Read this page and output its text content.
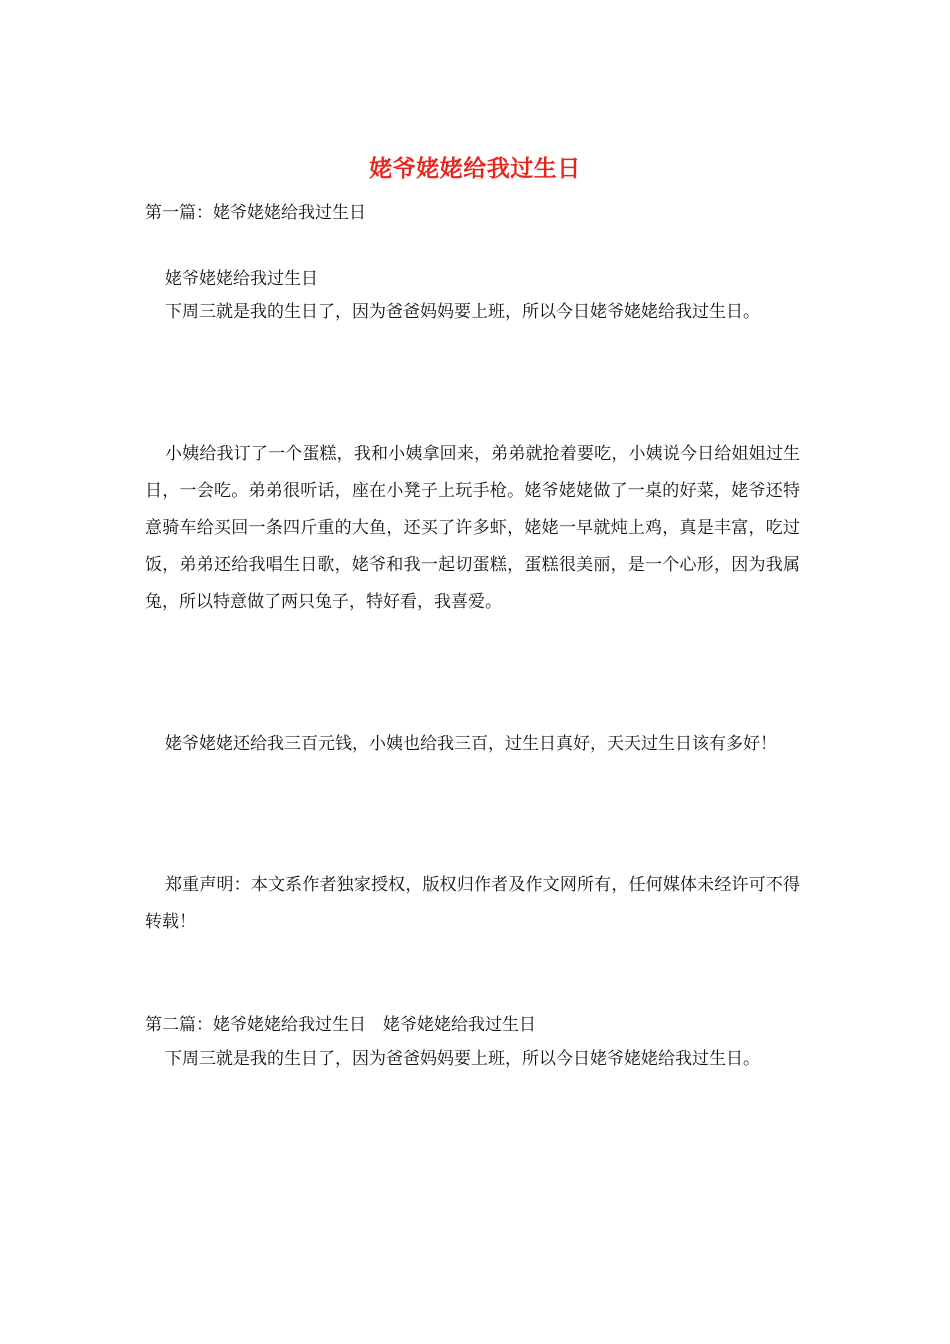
姥爷姥姥给我过生日
第一篇：姥爷姥姥给我过生日
姥爷姥姥给我过生日
下周三就是我的生日了，因为爸爸妈妈要上班，所以今日姥爷姥姥给我过生日。
小姨给我订了一个蛋糕，我和小姨拿回来，弟弟就抢着要吃，小姨说今日给姐姐过生日，一会吃。弟弟很听话，座在小凳子上玩手枪。姥爷姥姥做了一桌的好菜，姥爷还特意骑车给买回一条四斤重的大鱼，还买了许多虾，姥姥一早就炖上鸡，真是丰富，吃过饭，弟弟还给我唱生日歌，姥爷和我一起切蛋糕，蛋糕很美丽，是一个心形，因为我属兔，所以特意做了两只兔子，特好看，我喜爱。
姥爷姥姥还给我三百元钱，小姨也给我三百，过生日真好，天天过生日该有多好！
郑重声明：本文系作者独家授权，版权归作者及作文网所有，任何媒体未经许可不得转载！
第二篇：姥爷姥姥给我过生日　姥爷姥姥给我过生日
下周三就是我的生日了，因为爸爸妈妈要上班，所以今日姥爷姥姥给我过生日。
